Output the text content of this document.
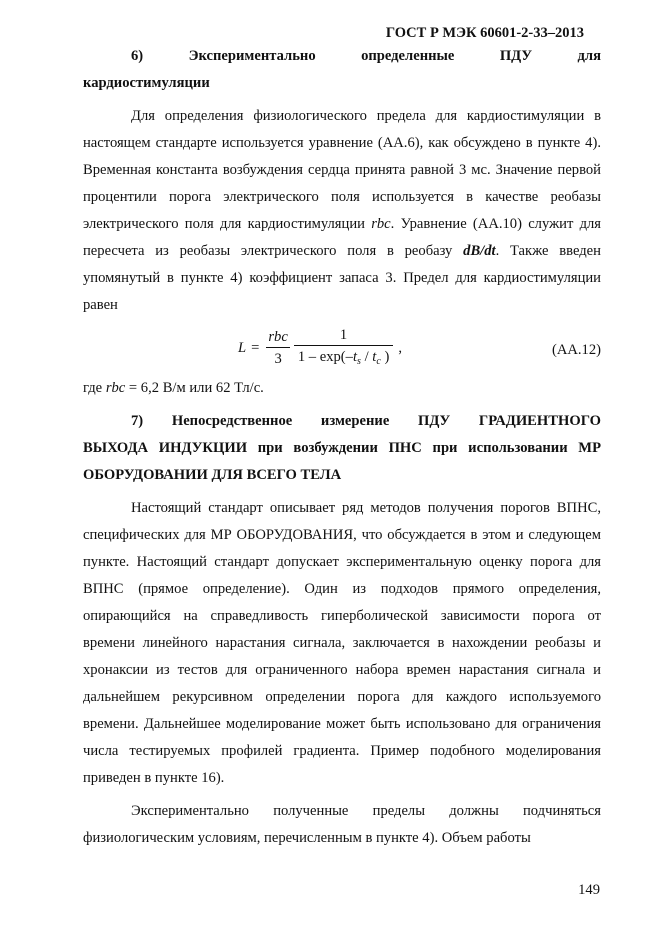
ГОСТ Р МЭК 60601-2-33–2013
6)	Экспериментально	определенные	ПДУ	для
кардиостимуляции

Для определения физиологического предела для кардиостимуляции в настоящем стандарте используется уравнение (АА.6), как обсуждено в пункте 4). Временная константа возбуждения сердца принята равной 3 мс. Значение первой процентили порога электрического поля используется в качестве реобазы электрического поля для кардиостимуляции rbc. Уравнение (АА.10) служит для пересчета из реобазы электрического поля в реобазу dB/dt. Также введен упомянутый в пункте 4) коэффициент запаса 3. Предел для кардиостимуляции равен

$L = \frac{\text{rbc}}{3} \frac{1}{1 - \exp(-t_s / t_c )}$ ,	(АА.12)

где rbc = 6,2 В/м или 62 Тл/с.

7) Непосредственное измерение ПДУ ГРАДИЕНТНОГО
ВЫХОДА ИНДУКЦИИ при возбуждении ПНС при использовании МР ОБОРУДОВАНИИ ДЛЯ ВСЕГО ТЕЛА

Настоящий стандарт описывает ряд методов получения порогов ВПНС, специфических для МР ОБОРУДОВАНИЯ, что обсуждается в этом и следующем пункте. Настоящий стандарт допускает экспериментальную оценку порога для ВПНС (прямое определение). Один из подходов прямого определения, опирающийся на справедливость гиперболической зависимости порога от времени линейного нарастания сигнала, заключается в нахождении реобазы и хронаксии из тестов для ограниченного набора времен нарастания сигнала и дальнейшем рекурсивном определении порога для каждого используемого времени. Дальнейшее моделирование может быть использовано для ограничения числа тестируемых профилей градиента. Пример подобного моделирования приведен в пункте 16).

Экспериментально полученные пределы должны подчиняться физиологическим условиям, перечисленным в пункте 4). Объем работы

149
